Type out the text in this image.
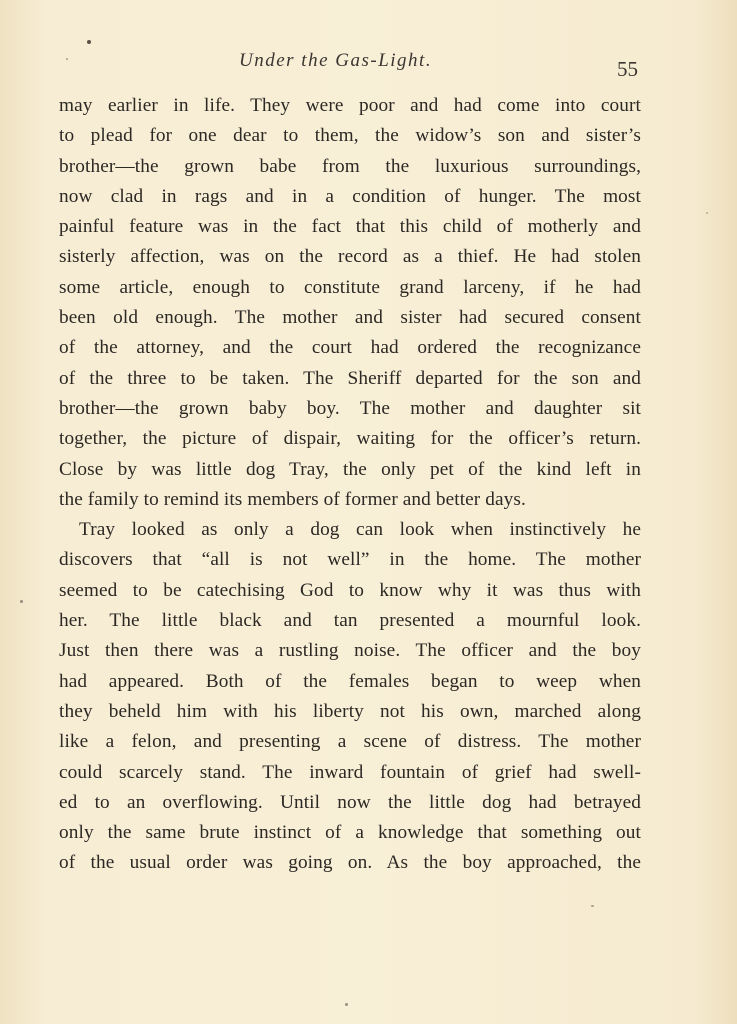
Under the Gas-Light.	55
may earlier in life. They were poor and had come into court
to plead for one dear to them, the widow’s son and sister’s
brother—the grown babe from the luxurious surroundings,
now clad in rags and in a condition of hunger. The most
painful feature was in the fact that this child of motherly and
sisterly affection, was on the record as a thief. He had stolen
some article, enough to constitute grand larceny, if he had
been old enough. The mother and sister had secured consent
of the attorney, and the court had ordered the recognizance
of the three to be taken. The Sheriff departed for the son and
brother—the grown baby boy. The mother and daughter sit
together, the picture of dispair, waiting for the officer’s return.
Close by was little dog Tray, the only pet of the kind left in
the family to remind its members of former and better days.
Tray looked as only a dog can look when instinctively he
discovers that “all is not well” in the home. The mother
seemed to be catechising God to know why it was thus with
her. The little black and tan presented a mournful look.
Just then there was a rustling noise. The officer and the boy
had appeared. Both of the females began to weep when
they beheld him with his liberty not his own, marched along
like a felon, and presenting a scene of distress. The mother
could scarcely stand. The inward fountain of grief had swell-
ed to an overflowing. Until now the little dog had betrayed
only the same brute instinct of a knowledge that something out
of the usual order was going on. As the boy approached, the
